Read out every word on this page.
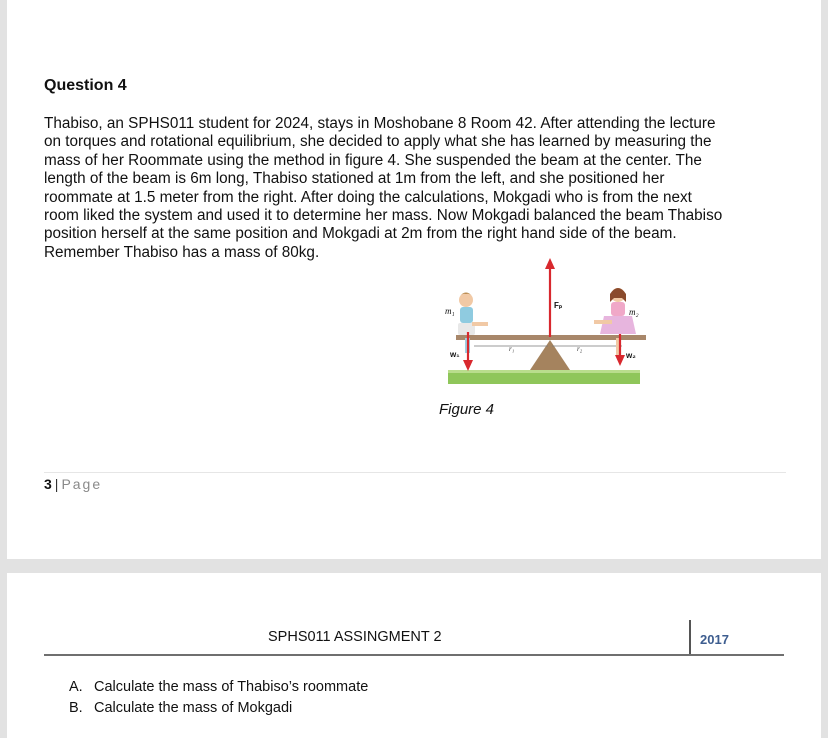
Question 4
Thabiso, an SPHS011 student for 2024, stays in Moshobane 8 Room 42. After attending the lecture
on torques and rotational equilibrium, she decided to apply what she has learned by measuring the
mass of her Roommate using the method in figure 4. She suspended the beam at the center. The
length of the beam is 6m long, Thabiso stationed at 1m from the left, and she positioned her
roommate at 1.5 meter from the right. After doing the calculations, Mokgadi who is from the next
room liked the system and used it to determine her mass. Now Mokgadi balanced the beam Thabiso
position herself at the same position and Mokgadi at 2m from the right hand side of the beam.
Remember Thabiso has a mass of 80kg.
m₁	m₂
Fₚ
w₁	w₂
r₁	r₂
Figure 4
3 | Page
SPHS011 ASSINGMENT 2	2017
A. Calculate the mass of Thabiso’s roommate
B. Calculate the mass of Mokgadi
